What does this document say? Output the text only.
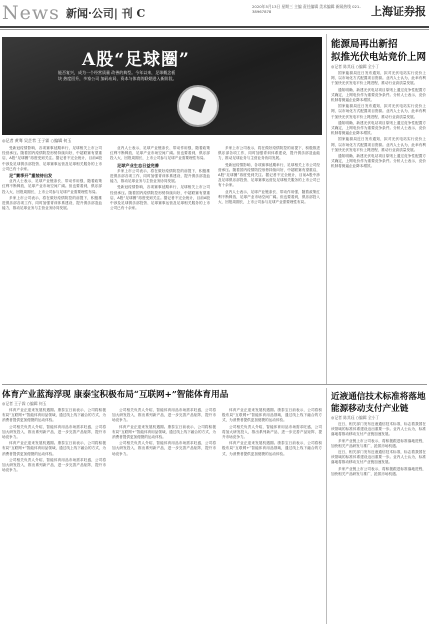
News 新闻·公司| 刊 C
2020年5月13日 星期三 主编 责任编辑 美术编辑 新闻热线 021-38967878	上海证券报
A股“足球圈”
能否复兴，成为一个经营质量 改善的典型。今年以来，足球概念板块 热度回升，多家公司 加码布局，资本与体育的联姻进入新阶段。
◎记者 黄骞 吴芷苇 王子霖 ○编辑 何玉

受新冠疫情影响，各项赛事延期举行，足球相关上市公司经营承压。随着国内疫情防控形势持续向好，中超联赛有望重启，A股“足球圈”再度受到关注。据记者不完全统计，目前A股中涉及足球俱乐部投资、足球赛事运营及足球相关服务的上市公司已有十余家。

足“赛季开”重装待出发

业内人士表示，足球产业链条长、带动作用强，随着政策红利不断释放，足球产业市场空间广阔。但也要看到，俱乐部投入大、回报周期长，上市公司参与足球产业需要理性布局。

多家上市公司表示，将在做好疫情防控的前提下，积极推进俱乐部各项工作，同时加强青训体系建设，提升俱乐部造血能力，推动足球业务与主营业务协同发展。

业内人士表示，足球产业链条长、带动作用强，随着政策红利不断释放，足球产业市场空间广阔。但也要看到，俱乐部投入大、回报周期长，上市公司参与足球产业需要理性布局。

足球产业生态日益完善

多家上市公司表示，将在做好疫情防控的前提下，积极推进俱乐部各项工作，同时加强青训体系建设，提升俱乐部造血能力，推动足球业务与主营业务协同发展。

受新冠疫情影响，各项赛事延期举行，足球相关上市公司经营承压。随着国内疫情防控形势持续向好，中超联赛有望重启，A股“足球圈”再度受到关注。据记者不完全统计，目前A股中涉及足球俱乐部投资、足球赛事运营及足球相关服务的上市公司已有十余家。

多家上市公司表示，将在做好疫情防控的前提下，积极推进俱乐部各项工作，同时加强青训体系建设，提升俱乐部造血能力，推动足球业务与主营业务协同发展。

受新冠疫情影响，各项赛事延期举行，足球相关上市公司经营承压。随着国内疫情防控形势持续向好，中超联赛有望重启，A股“足球圈”再度受到关注。据记者不完全统计，目前A股中涉及足球俱乐部投资、足球赛事运营及足球相关服务的上市公司已有十余家。

业内人士表示，足球产业链条长、带动作用强，随着政策红利不断释放，足球产业市场空间广阔。但也要看到，俱乐部投入大、回报周期长，上市公司参与足球产业需要理性布局。

能源局再出新招
拟推光伏电站竞价上网
◎记者 陈其珏 ○编辑 全小丁

国家能源局近日发布通知，拟对光伏电站实行竞价上网，以市场化方式配置项目资源。业内人士认为，此举有利于加快光伏发电平价上网进程，推动行业高质量发展。

通知明确，新建光伏电站项目原则上通过竞争性配置方式确定，上网电价作为重要竞争条件。分析人士表示，竞价机制将倒逼企业降本增效。

国家能源局近日发布通知，拟对光伏电站实行竞价上网，以市场化方式配置项目资源。业内人士认为，此举有利于加快光伏发电平价上网进程，推动行业高质量发展。

通知明确，新建光伏电站项目原则上通过竞争性配置方式确定，上网电价作为重要竞争条件。分析人士表示，竞价机制将倒逼企业降本增效。

国家能源局近日发布通知，拟对光伏电站实行竞价上网，以市场化方式配置项目资源。业内人士认为，此举有利于加快光伏发电平价上网进程，推动行业高质量发展。

通知明确，新建光伏电站项目原则上通过竞争性配置方式确定，上网电价作为重要竞争条件。分析人士表示，竞价机制将倒逼企业降本增效。

体育产业蓝海浮现 康泰宝积极布局“互联网+”智能体育用品
◎记者 王子霖 ○编辑 何玉

体育产业正迎来发展机遇期。康泰宝日前表示，公司将积极布局“互联网+”智能体育用品领域，通过线上线下融合的方式，为消费者提供更加便捷的运动体验。

公司相关负责人介绍，智能体育用品市场需求旺盛，公司将加大研发投入，推出系列新产品，进一步完善产品矩阵，提升市场竞争力。

体育产业正迎来发展机遇期。康泰宝日前表示，公司将积极布局“互联网+”智能体育用品领域，通过线上线下融合的方式，为消费者提供更加便捷的运动体验。

公司相关负责人介绍，智能体育用品市场需求旺盛，公司将加大研发投入，推出系列新产品，进一步完善产品矩阵，提升市场竞争力。

公司相关负责人介绍，智能体育用品市场需求旺盛，公司将加大研发投入，推出系列新产品，进一步完善产品矩阵，提升市场竞争力。

体育产业正迎来发展机遇期。康泰宝日前表示，公司将积极布局“互联网+”智能体育用品领域，通过线上线下融合的方式，为消费者提供更加便捷的运动体验。

公司相关负责人介绍，智能体育用品市场需求旺盛，公司将加大研发投入，推出系列新产品，进一步完善产品矩阵，提升市场竞争力。

体育产业正迎来发展机遇期。康泰宝日前表示，公司将积极布局“互联网+”智能体育用品领域，通过线上线下融合的方式，为消费者提供更加便捷的运动体验。

公司相关负责人介绍，智能体育用品市场需求旺盛，公司将加大研发投入，推出系列新产品，进一步完善产品矩阵，提升市场竞争力。

体育产业正迎来发展机遇期。康泰宝日前表示，公司将积极布局“互联网+”智能体育用品领域，通过线上线下融合的方式，为消费者提供更加便捷的运动体验。

近液通信技术标准将落地
能源移动支付产业链
◎记者 陈其珏 ○编辑 全小丁

近日，相关部门发布近液通信技术标准，标志着我国在该领域的标准体系建设迈出重要一步。业内人士认为，标准落地将推动移动支付产业链加速发展。

多家产业链上市公司表示，将积极跟进标准落地进程，加快相关产品研发与推广，抢抓市场机遇。

近日，相关部门发布近液通信技术标准，标志着我国在该领域的标准体系建设迈出重要一步。业内人士认为，标准落地将推动移动支付产业链加速发展。

多家产业链上市公司表示，将积极跟进标准落地进程，加快相关产品研发与推广，抢抓市场机遇。
